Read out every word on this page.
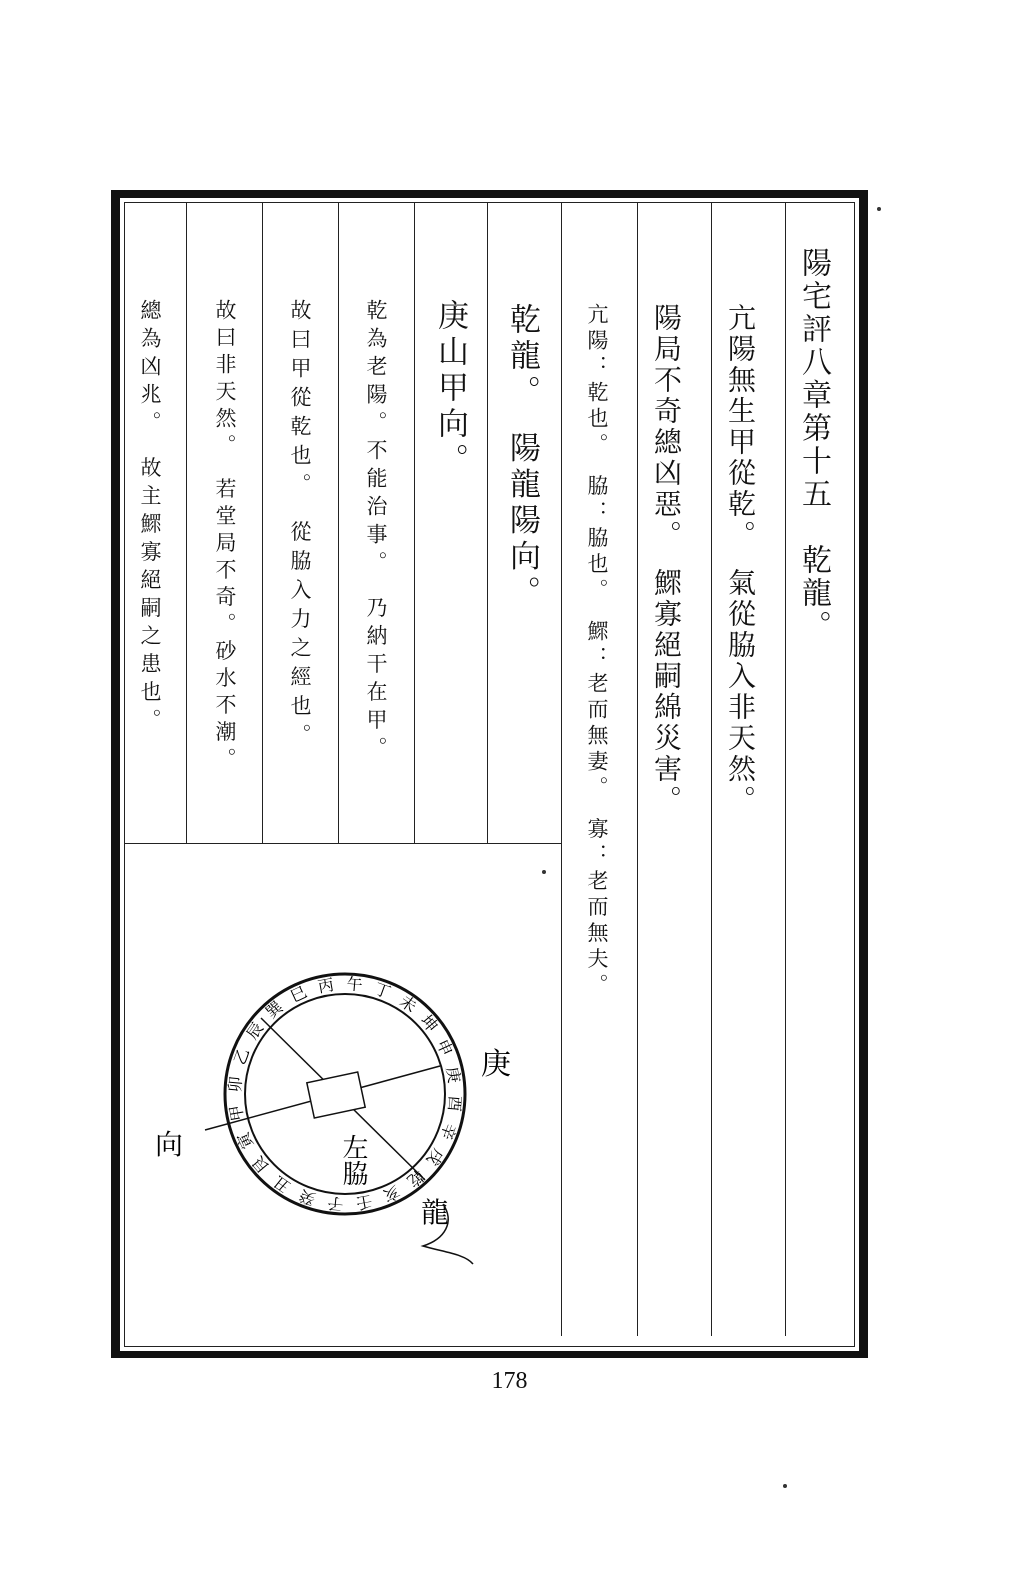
陽宅評八章第十五　乾龍。
亢陽無生甲從乾。　氣從脇入非天然。
陽局不奇總凶惡。　鰥寡絕嗣綿災害。
亢陽：乾也。　脇：脇也。　鰥：老而無妻。　寡：老而無夫。
乾龍。　陽龍陽向。
庚山甲向。
乾為老陽。不能治事。　乃納干在甲。
故曰甲從乾也。　從脇入力之經也。
故曰非天然。　若堂局不奇。砂水不潮。
總為凶兆。　故主鰥寡絕嗣之患也。
甲
卯
乙
辰
巽
巳 丙 午 丁
未
坤
申
庚
酉
辛
戌
乾
亥
壬
子
癸
丑
艮
寅	左脇
庚
向
龍
178
